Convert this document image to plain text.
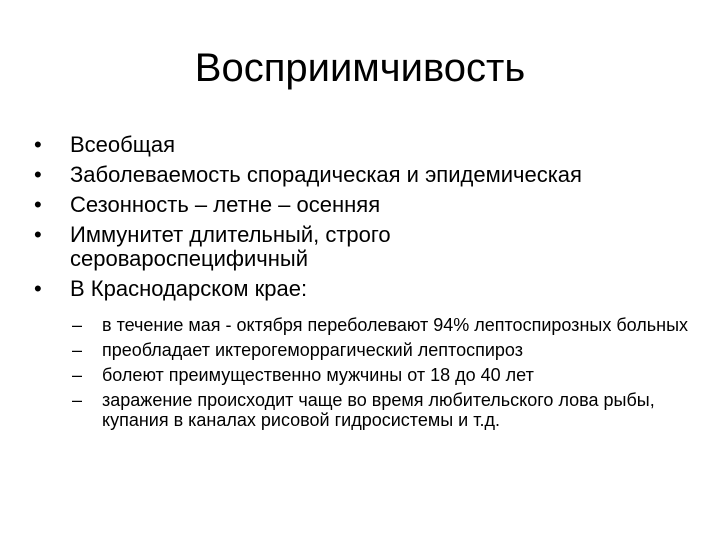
Восприимчивость
• Всеобщая
• Заболеваемость спорадическая и эпидемическая
• Сезонность – летне – осенняя
• Иммунитет длительный, строго серовароспецифичный
• В Краснодарском крае:
– в течение мая - октября переболевают 94% лептоспирозных больных
– преобладает иктерогеморрагический лептоспироз
– болеют преимущественно мужчины от 18 до 40 лет
– заражение происходит чаще во время любительского лова рыбы, купания в каналах рисовой гидросистемы и т.д.
